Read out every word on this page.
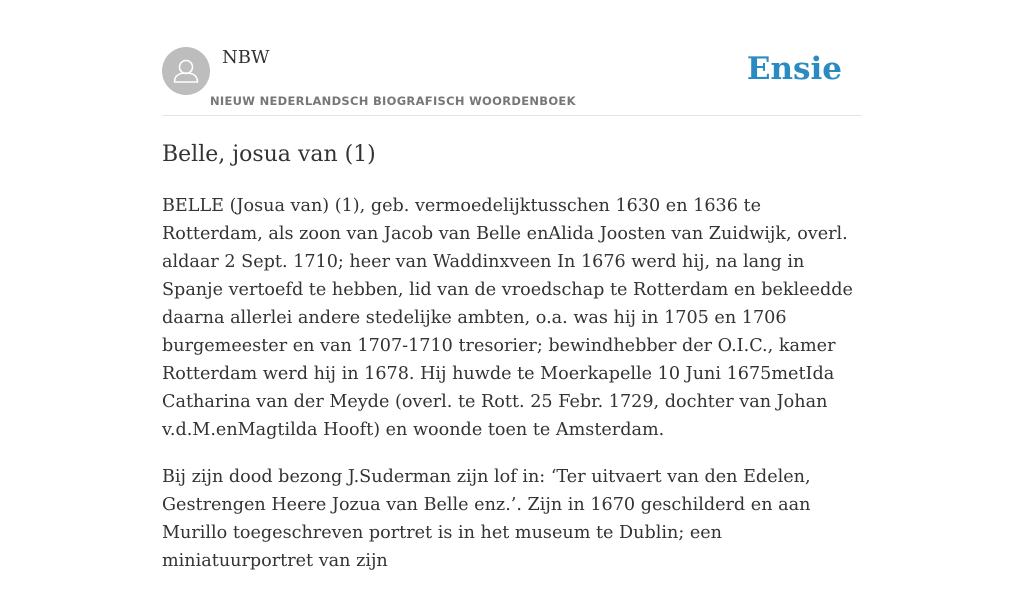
NBW
NIEUW NEDERLANDSCH BIOGRAFISCH WOORDENBOEK
Ensie
Belle, josua van (1)

BELLE (Josua van) (1), geb. vermoedelijktusschen 1630 en 1636 te Rotterdam, als zoon van Jacob van Belle enAlida Joosten van Zuidwijk, overl. aldaar 2 Sept. 1710; heer van Waddinxveen In 1676 werd hij, na lang in Spanje vertoefd te hebben, lid van de vroedschap te Rotterdam en bekleedde daarna allerlei andere stedelijke ambten, o.a. was hij in 1705 en 1706 burgemeester en van 1707-1710 tresorier; bewindhebber der O.I.C., kamer Rotterdam werd hij in 1678. Hij huwde te Moerkapelle 10 Juni 1675metIda Catharina van der Meyde (overl. te Rott. 25 Febr. 1729, dochter van Johan v.d.M.enMagtilda Hooft) en woonde toen te Amsterdam.

Bij zijn dood bezong J.Suderman zijn lof in: ‘Ter uitvaert van den Edelen, Gestrengen Heere Jozua van Belle enz.’. Zijn in 1670 geschilderd en aan Murillo toegeschreven portret is in het museum te Dublin; een miniatuurportret van zijn
